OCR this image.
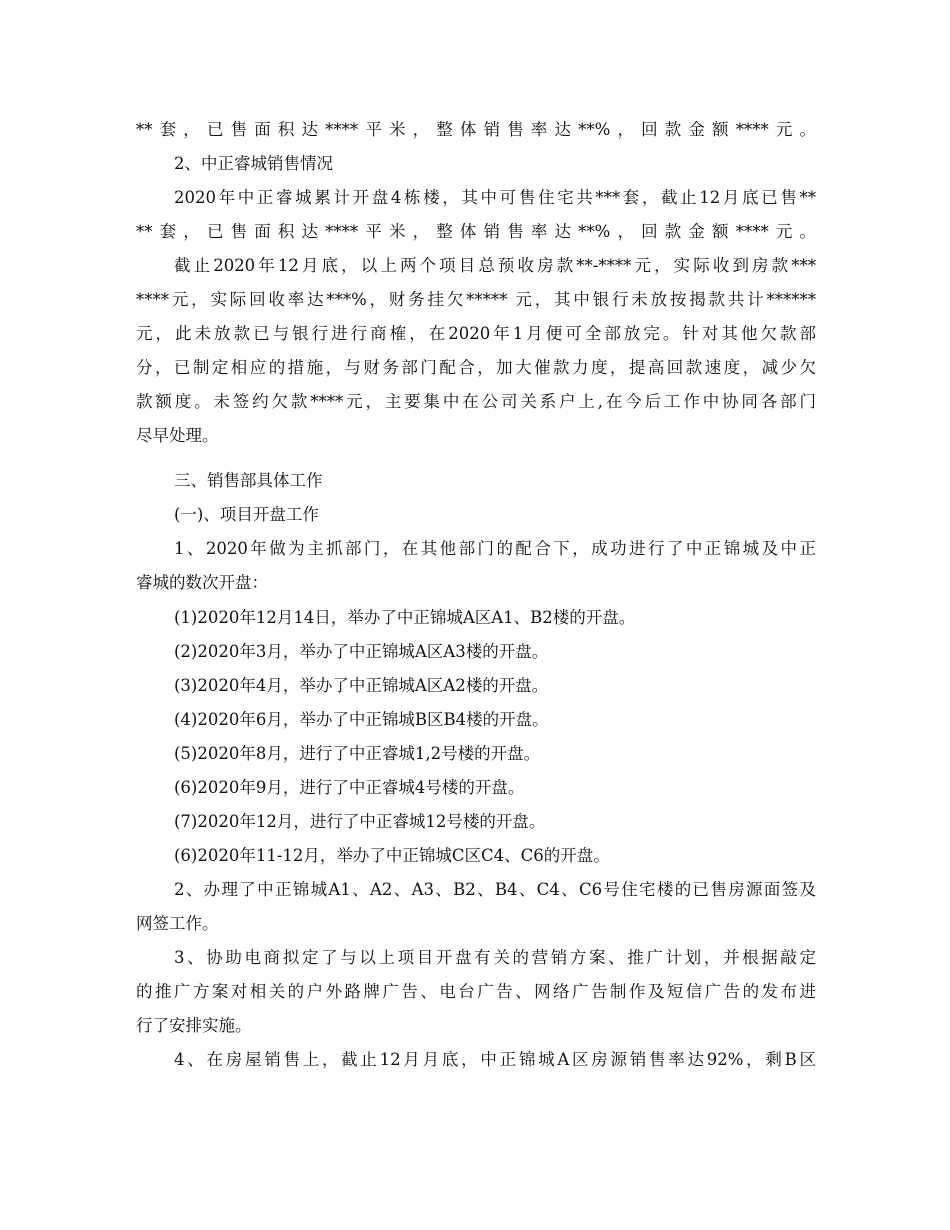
**套，已售面积达****平米，整体销售率达**%，回款金额****元。
2、中正睿城销售情况
2020年中正睿城累计开盘4栋楼，其中可售住宅共***套，截止12月底已售**
**套，已售面积达****平米，整体销售率达**%，回款金额****元。
截止2020年12月底，以上两个项目总预收房款**-****元，实际收到房款***
****元，实际回收率达***%，财务挂欠***** 元，其中银行未放按揭款共计******
元，此未放款已与银行进行商榷，在2020年1月便可全部放完。针对其他欠款部
分，已制定相应的措施，与财务部门配合，加大催款力度，提高回款速度，减少欠
款额度。未签约欠款****元，主要集中在公司关系户上,在今后工作中协同各部门
尽早处理。
三、销售部具体工作
(一)、项目开盘工作
1、2020年做为主抓部门，在其他部门的配合下，成功进行了中正锦城及中正
睿城的数次开盘：
(1)2020年12月14日，举办了中正锦城A区A1、B2楼的开盘。
(2)2020年3月，举办了中正锦城A区A3楼的开盘。
(3)2020年4月，举办了中正锦城A区A2楼的开盘。
(4)2020年6月，举办了中正锦城B区B4楼的开盘。
(5)2020年8月，进行了中正睿城1,2号楼的开盘。
(6)2020年9月，进行了中正睿城4号楼的开盘。
(7)2020年12月，进行了中正睿城12号楼的开盘。
(6)2020年11-12月，举办了中正锦城C区C4、C6的开盘。
2、办理了中正锦城A1、A2、A3、B2、B4、C4、C6号住宅楼的已售房源面签及
网签工作。
3、协助电商拟定了与以上项目开盘有关的营销方案、推广计划，并根据敲定
的推广方案对相关的户外路牌广告、电台广告、网络广告制作及短信广告的发布进
行了安排实施。
4、在房屋销售上，截止12月月底，中正锦城A区房源销售率达92%，剩B区
